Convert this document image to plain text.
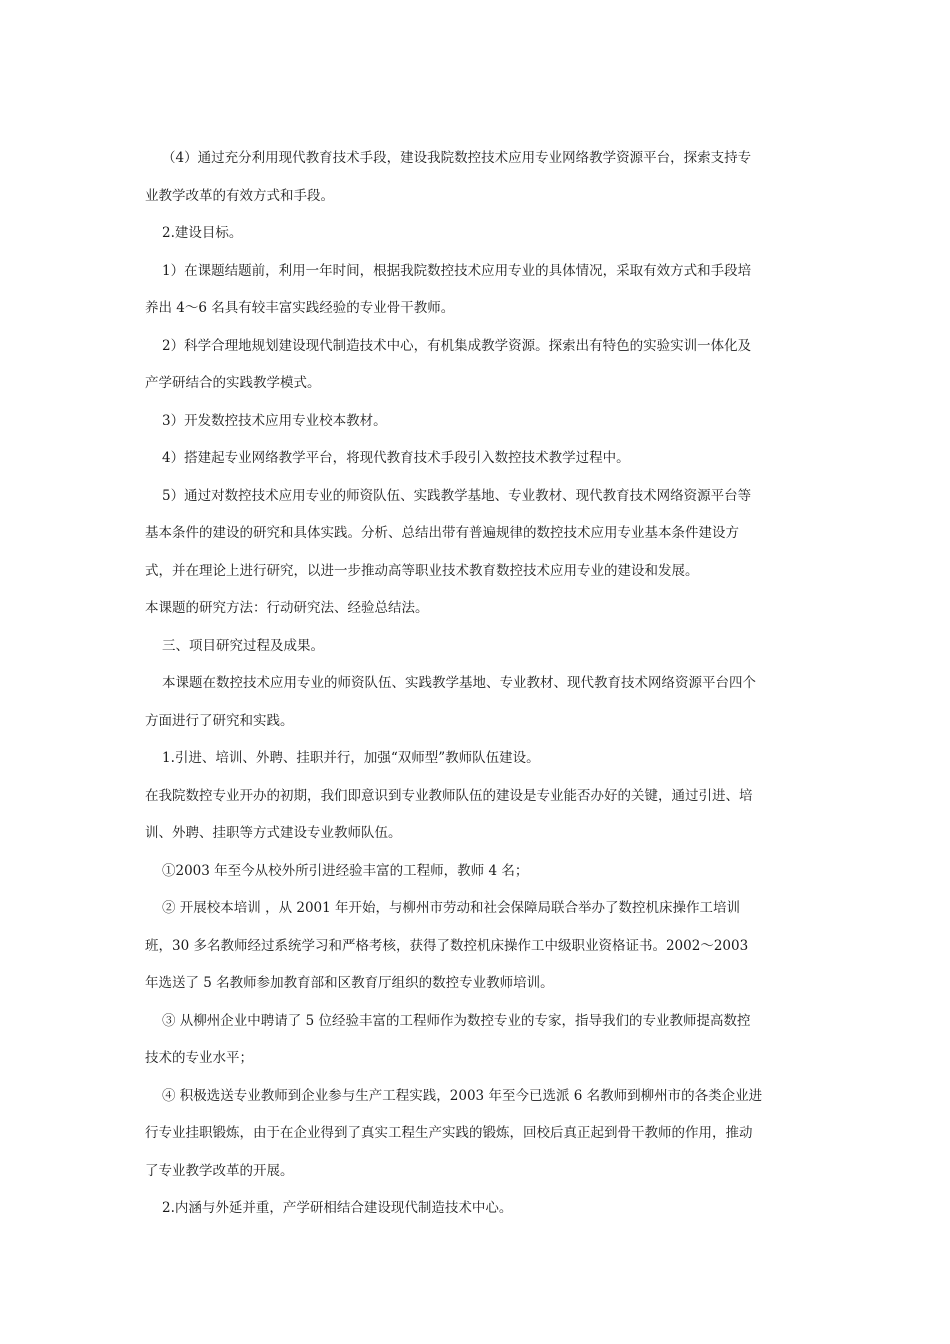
（4）通过充分利用现代教育技术手段，建设我院数控技术应用专业网络教学资源平台，探索支持专
业教学改革的有效方式和手段。
2.建设目标。
1）在课题结题前，利用一年时间，根据我院数控技术应用专业的具体情况，采取有效方式和手段培
养出 4～6 名具有较丰富实践经验的专业骨干教师。
2）科学合理地规划建设现代制造技术中心，有机集成教学资源。探索出有特色的实验实训一体化及
产学研结合的实践教学模式。
3）开发数控技术应用专业校本教材。
4）搭建起专业网络教学平台，将现代教育技术手段引入数控技术教学过程中。
5）通过对数控技术应用专业的师资队伍、实践教学基地、专业教材、现代教育技术网络资源平台等
基本条件的建设的研究和具体实践。分析、总结出带有普遍规律的数控技术应用专业基本条件建设方
式，并在理论上进行研究，以进一步推动高等职业技术教育数控技术应用专业的建设和发展。
本课题的研究方法：行动研究法、经验总结法。
三、项目研究过程及成果。
本课题在数控技术应用专业的师资队伍、实践教学基地、专业教材、现代教育技术网络资源平台四个
方面进行了研究和实践。
1.引进、培训、外聘、挂职并行，加强“双师型”教师队伍建设。
在我院数控专业开办的初期，我们即意识到专业教师队伍的建设是专业能否办好的关键，通过引进、培
训、外聘、挂职等方式建设专业教师队伍。
①2003 年至今从校外所引进经验丰富的工程师，教师 4 名；
② 开展校本培训 ，从 2001 年开始，与柳州市劳动和社会保障局联合举办了数控机床操作工培训
班，30 多名教师经过系统学习和严格考核，获得了数控机床操作工中级职业资格证书。2002～2003
年选送了 5 名教师参加教育部和区教育厅组织的数控专业教师培训。
③ 从柳州企业中聘请了 5 位经验丰富的工程师作为数控专业的专家，指导我们的专业教师提高数控
技术的专业水平；
④ 积极选送专业教师到企业参与生产工程实践，2003 年至今已选派 6 名教师到柳州市的各类企业进
行专业挂职锻炼，由于在企业得到了真实工程生产实践的锻炼，回校后真正起到骨干教师的作用，推动
了专业教学改革的开展。
2.内涵与外延并重，产学研相结合建设现代制造技术中心。
